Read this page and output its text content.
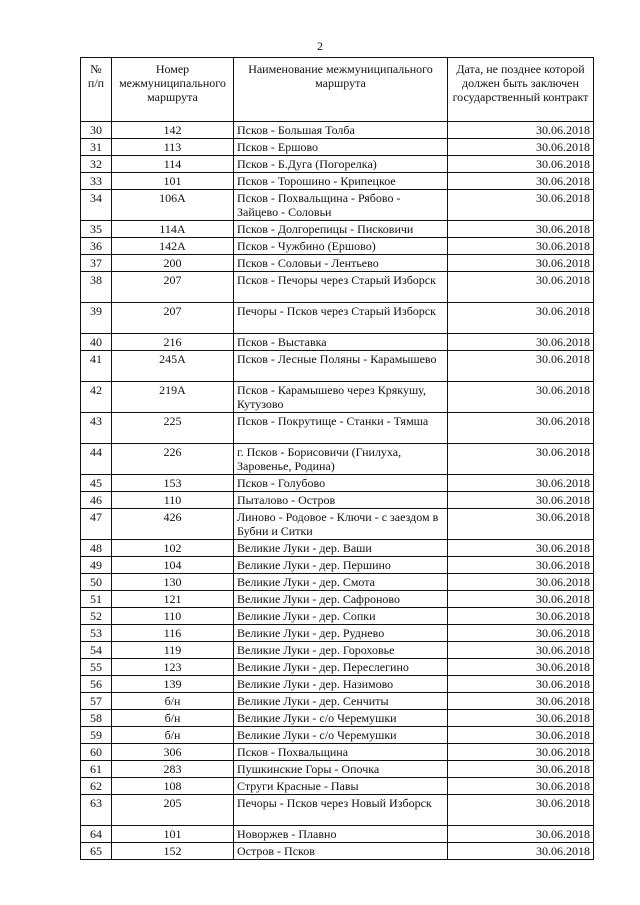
2
№ п/п	Номер межмуниципального маршрута	Наименование межмуниципального маршрута	Дата, не позднее которой должен быть заключен государственный контракт
30	142	Псков - Большая Толба	30.06.2018
31	113	Псков - Ершово	30.06.2018
32	114	Псков - Б.Дуга (Погорелка)	30.06.2018
33	101	Псков - Торошино - Крипецкое	30.06.2018
34	106А	Псков - Похвальщина - Рябово - Зайцево - Соловьи	30.06.2018
35	114А	Псков - Долгорепицы - Писковичи	30.06.2018
36	142А	Псков - Чужбино (Ершово)	30.06.2018
37	200	Псков - Соловьи - Лентьево	30.06.2018
38	207	Псков - Печоры через Старый Изборск	30.06.2018
39	207	Печоры - Псков через Старый Изборск	30.06.2018
40	216	Псков - Выставка	30.06.2018
41	245А	Псков - Лесные Поляны - Карамышево	30.06.2018
42	219А	Псков - Карамышево через Крякушу, Кутузово	30.06.2018
43	225	Псков - Покрутище - Станки - Тямша	30.06.2018
44	226	г. Псков - Борисовичи (Гнилуха, Заровенье, Родина)	30.06.2018
45	153	Псков - Голубово	30.06.2018
46	110	Пыталово - Остров	30.06.2018
47	426	Линово - Родовое - Ключи - с заездом в Бубни и Ситки	30.06.2018
48	102	Великие Луки - дер. Ваши	30.06.2018
49	104	Великие Луки - дер. Першино	30.06.2018
50	130	Великие Луки - дер. Смота	30.06.2018
51	121	Великие Луки - дер. Сафроново	30.06.2018
52	110	Великие Луки - дер. Сопки	30.06.2018
53	116	Великие Луки - дер. Руднево	30.06.2018
54	119	Великие Луки - дер. Гороховье	30.06.2018
55	123	Великие Луки - дер. Переслегино	30.06.2018
56	139	Великие Луки - дер. Назимово	30.06.2018
57	б/н	Великие Луки - дер. Сенчиты	30.06.2018
58	б/н	Великие Луки - с/о Черемушки	30.06.2018
59	б/н	Великие Луки - с/о Черемушки	30.06.2018
60	306	Псков - Похвальщина	30.06.2018
61	283	Пушкинские Горы - Опочка	30.06.2018
62	108	Струги Красные - Павы	30.06.2018
63	205	Печоры - Псков через Новый Изборск	30.06.2018
64	101	Новоржев - Плавно	30.06.2018
65	152	Остров - Псков	30.06.2018
